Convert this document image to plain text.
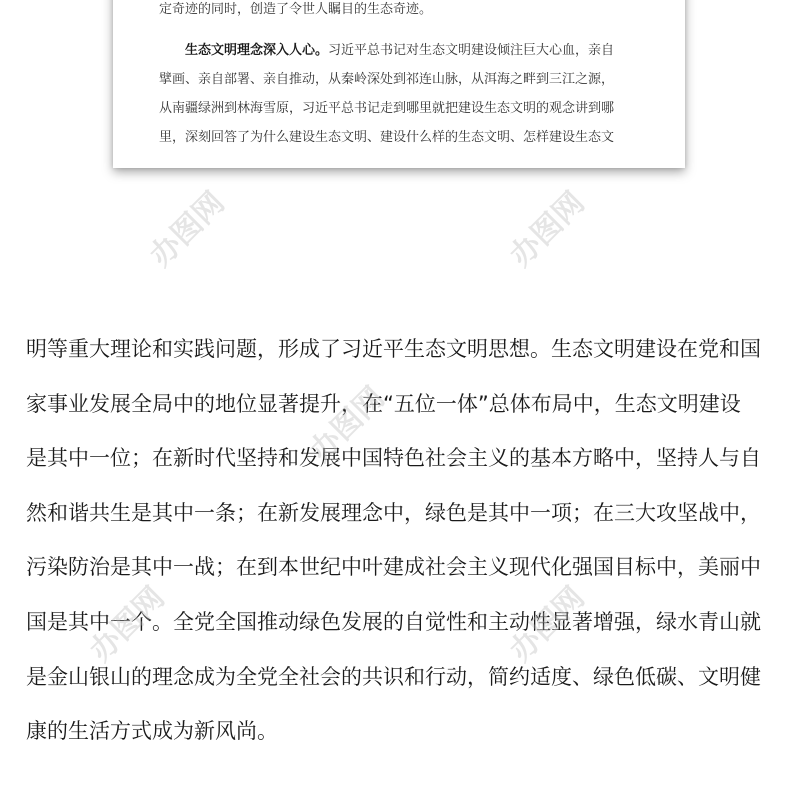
定奇迹的同时，创造了令世人瞩目的生态奇迹。
生态文明理念深入人心。习近平总书记对生态文明建设倾注巨大心血，亲自
擘画、亲自部署、亲自推动，从秦岭深处到祁连山脉，从洱海之畔到三江之源，
从南疆绿洲到林海雪原，习近平总书记走到哪里就把建设生态文明的观念讲到哪
里，深刻回答了为什么建设生态文明、建设什么样的生态文明、怎样建设生态文
明等重大理论和实践问题，形成了习近平生态文明思想。生态文明建设在党和国
家事业发展全局中的地位显著提升，在“五位一体”总体布局中，生态文明建设
是其中一位；在新时代坚持和发展中国特色社会主义的基本方略中，坚持人与自
然和谐共生是其中一条；在新发展理念中，绿色是其中一项；在三大攻坚战中，
污染防治是其中一战；在到本世纪中叶建成社会主义现代化强国目标中，美丽中
国是其中一个。全党全国推动绿色发展的自觉性和主动性显著增强，绿水青山就
是金山银山的理念成为全党全社会的共识和行动，简约适度、绿色低碳、文明健
康的生活方式成为新风尚。
办图网	办图网
办图网
办图网
办图网
